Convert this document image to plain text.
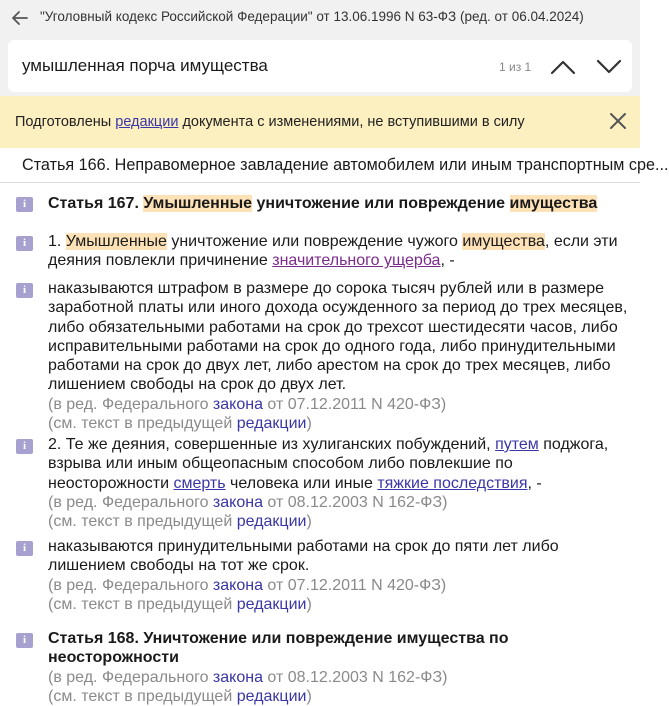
"Уголовный кодекс Российской Федерации" от 13.06.1996 N 63-ФЗ (ред. от 06.04.2024)
умышленная порча имущества
1 из 1
Подготовлены редакции документа с изменениями, не вступившими в силу
Статья 166. Неправомерное завладение автомобилем или иным транспортным сре...
i	Статья 167. Умышленные уничтожение или повреждение имущества
i	1. Умышленные уничтожение или повреждение чужого имущества, если эти деяния повлекли причинение значительного ущерба, -
i	наказываются штрафом в размере до сорока тысяч рублей или в размере заработной платы или иного дохода осужденного за период до трех месяцев, либо обязательными работами на срок до трехсот шестидесяти часов, либо исправительными работами на срок до одного года, либо принудительными работами на срок до двух лет, либо арестом на срок до трех месяцев, либо лишением свободы на срок до двух лет.
(в ред. Федерального закона от 07.12.2011 N 420-ФЗ)
(см. текст в предыдущей редакции)
i	2. Те же деяния, совершенные из хулиганских побуждений, путем поджога, взрыва или иным общеопасным способом либо повлекшие по неосторожности смерть человека или иные тяжкие последствия, -
(в ред. Федерального закона от 08.12.2003 N 162-ФЗ)
(см. текст в предыдущей редакции)
i	наказываются принудительными работами на срок до пяти лет либо лишением свободы на тот же срок.
(в ред. Федерального закона от 07.12.2011 N 420-ФЗ)
(см. текст в предыдущей редакции)
i	Статья 168. Уничтожение или повреждение имущества по неосторожности
(в ред. Федерального закона от 08.12.2003 N 162-ФЗ)
(см. текст в предыдущей редакции)
